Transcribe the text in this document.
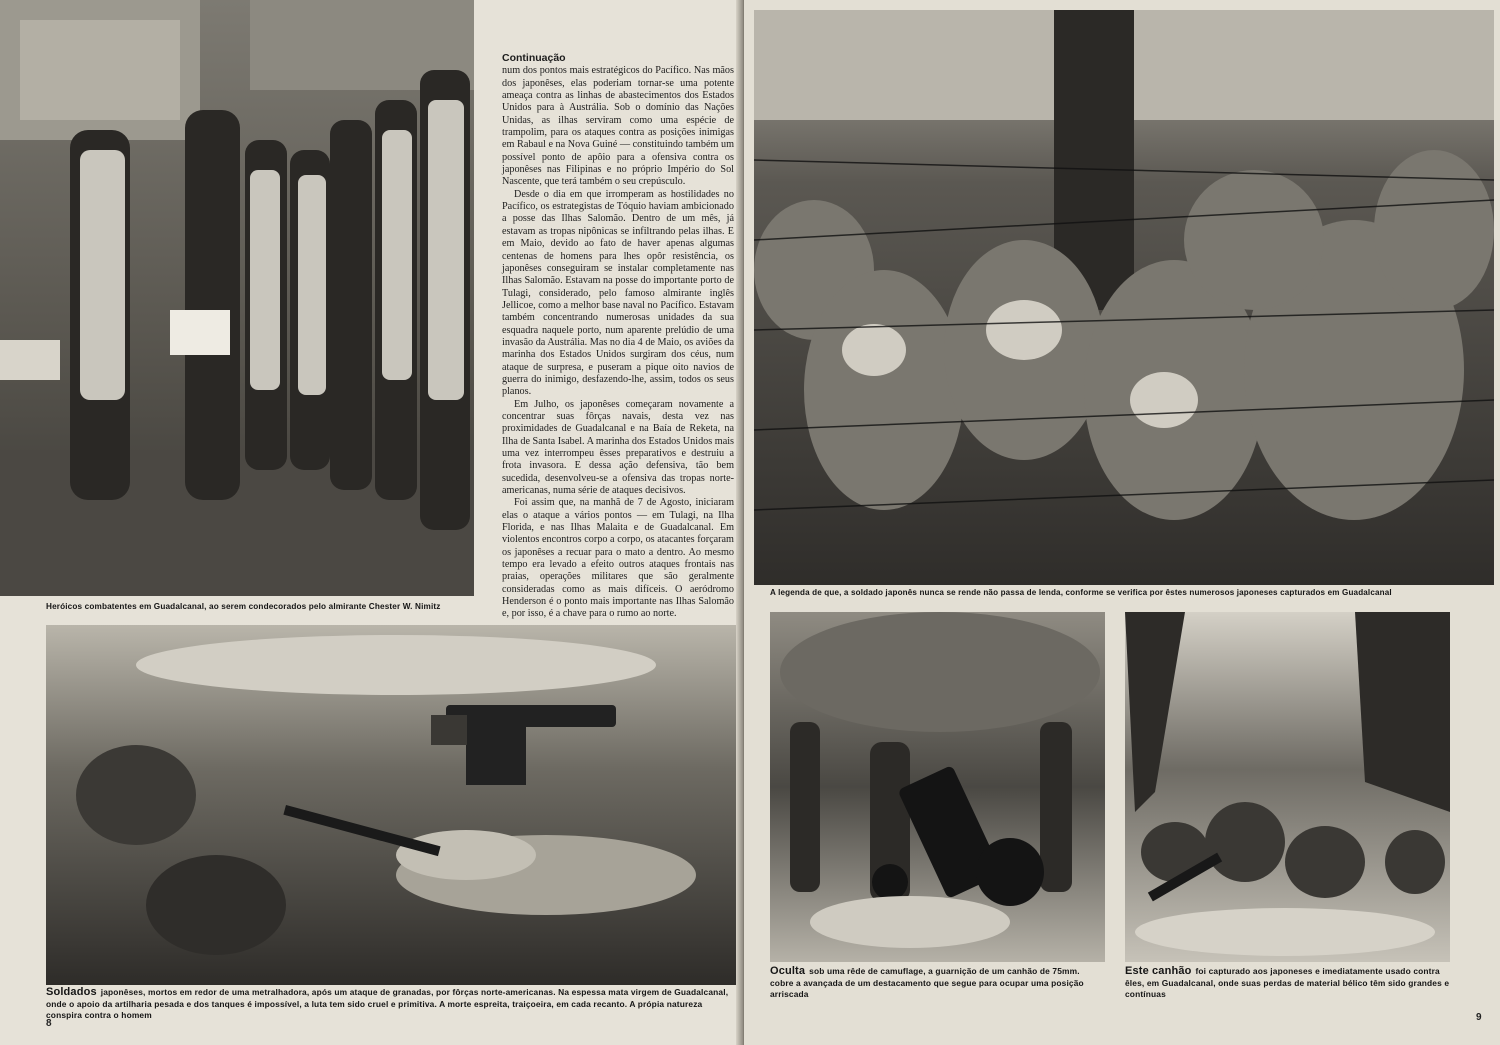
Heróicos combatentes em Guadalcanal, ao serem condecorados pelo almirante Chester W. Nimitz
Continuação

num dos pontos mais estratégicos do Pacífico. Nas mãos dos japonêses, elas poderiam tornar-se uma potente ameaça contra as linhas de abastecimentos dos Estados Unidos para à Austrália. Sob o domínio das Nações Unidas, as ilhas serviram como uma espécie de trampolim, para os ataques contra as posições inimigas em Rabaul e na Nova Guiné — constituindo também um possível ponto de apôio para a ofensiva contra os japonêses nas Filipinas e no próprio Império do Sol Nascente, que terá também o seu crepúsculo.

Desde o dia em que irromperam as hostilidades no Pacífico, os estrategistas de Tóquio haviam ambicionado a posse das Ilhas Salomão. Dentro de um mês, já estavam as tropas nipônicas se infiltrando pelas ilhas. E em Maio, devido ao fato de haver apenas algumas centenas de homens para lhes opôr resistência, os japonêses conseguiram se instalar completamente nas Ilhas Salomão. Estavam na posse do importante porto de Tulagi, considerado, pelo famoso almirante inglês Jellicoe, como a melhor base naval no Pacífico. Estavam também concentrando numerosas unidades da sua esquadra naquele porto, num aparente prelúdio de uma invasão da Austrália. Mas no dia 4 de Maio, os aviões da marinha dos Estados Unidos surgiram dos céus, num ataque de surpresa, e puseram a pique oito navios de guerra do inimigo, desfazendo-lhe, assim, todos os seus planos.

Em Julho, os japonêses começaram novamente a concentrar suas fôrças navais, desta vez nas proximidades de Guadalcanal e na Baía de Reketa, na Ilha de Santa Isabel. A marinha dos Estados Unidos mais uma vez interrompeu êsses preparativos e destruiu a frota invasora. E dessa ação defensiva, tão bem sucedida, desenvolveu-se a ofensiva das tropas norte-americanas, numa série de ataques decisivos.

Foi assim que, na manhã de 7 de Agosto, iniciaram elas o ataque a vários pontos — em Tulagi, na Ilha Florida, e nas Ilhas Malaita e de Guadalcanal. Em violentos encontros corpo a corpo, os atacantes forçaram os japonêses a recuar para o mato a dentro. Ao mesmo tempo era levado a efeito outros ataques frontais nas praias, operações militares que são geralmente consideradas como as mais difíceis. O aeródromo Henderson é o ponto mais importante nas Ilhas Salomão e, por isso, é a chave para o rumo ao norte.

Soldados japonêses, mortos em redor de uma metralhadora, após um ataque de granadas, por fôrças norte-americanas. Na espessa mata virgem de Guadalcanal, onde o apoio da artilharia pesada e dos tanques é impossível, a luta tem sido cruel e primitiva. A morte espreita, traiçoeira, em cada recanto. A própia natureza conspira contra o homem
8
A legenda de que, a soldado japonês nunca se rende não passa de lenda, conforme se verifica por êstes numerosos japoneses capturados em Guadalcanal
Oculta sob uma rêde de camuflage, a guarnição de um canhão de 75mm. cobre a avançada de um destacamento que segue para ocupar uma posição arriscada
Este canhão foi capturado aos japoneses e imediatamente usado contra êles, em Guadalcanal, onde suas perdas de material bélico têm sido grandes e contínuas
9
